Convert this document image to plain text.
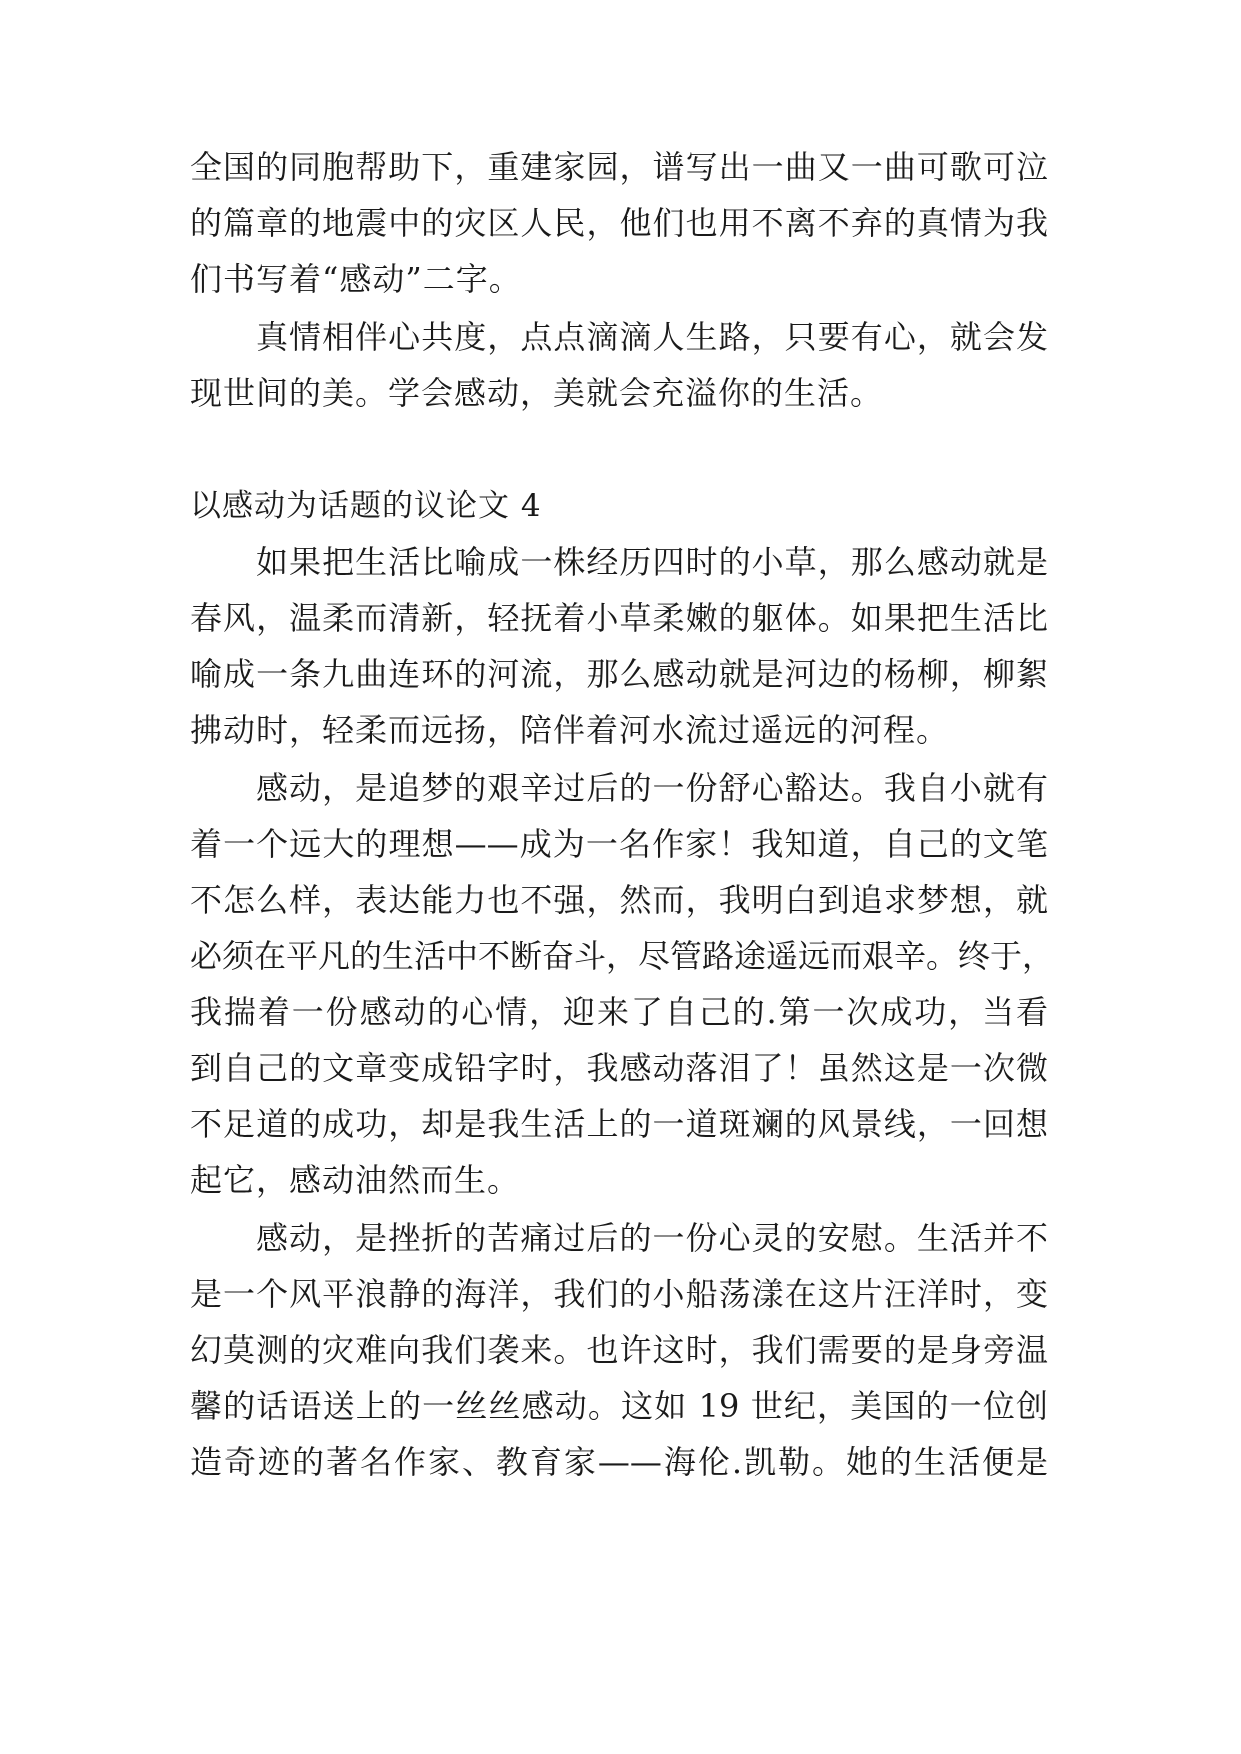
全国的同胞帮助下，重建家园，谱写出一曲又一曲可歌可泣
的篇章的地震中的灾区人民，他们也用不离不弃的真情为我
们书写着“感动”二字。
真情相伴心共度，点点滴滴人生路，只要有心，就会发
现世间的美。学会感动，美就会充溢你的生活。
以感动为话题的议论文 4
如果把生活比喻成一株经历四时的小草，那么感动就是
春风，温柔而清新，轻抚着小草柔嫩的躯体。如果把生活比
喻成一条九曲连环的河流，那么感动就是河边的杨柳，柳絮
拂动时，轻柔而远扬，陪伴着河水流过遥远的河程。
感动，是追梦的艰辛过后的一份舒心豁达。我自小就有
着一个远大的理想——成为一名作家！我知道，自己的文笔
不怎么样，表达能力也不强，然而，我明白到追求梦想，就
必须在平凡的生活中不断奋斗，尽管路途遥远而艰辛。终于，
我揣着一份感动的心情，迎来了自己的.第一次成功，当看
到自己的文章变成铅字时，我感动落泪了！虽然这是一次微
不足道的成功，却是我生活上的一道斑斓的风景线，一回想
起它，感动油然而生。
感动，是挫折的苦痛过后的一份心灵的安慰。生活并不
是一个风平浪静的海洋，我们的小船荡漾在这片汪洋时，变
幻莫测的灾难向我们袭来。也许这时，我们需要的是身旁温
馨的话语送上的一丝丝感动。这如 19 世纪，美国的一位创
造奇迹的著名作家、教育家——海伦.凯勒。她的生活便是
